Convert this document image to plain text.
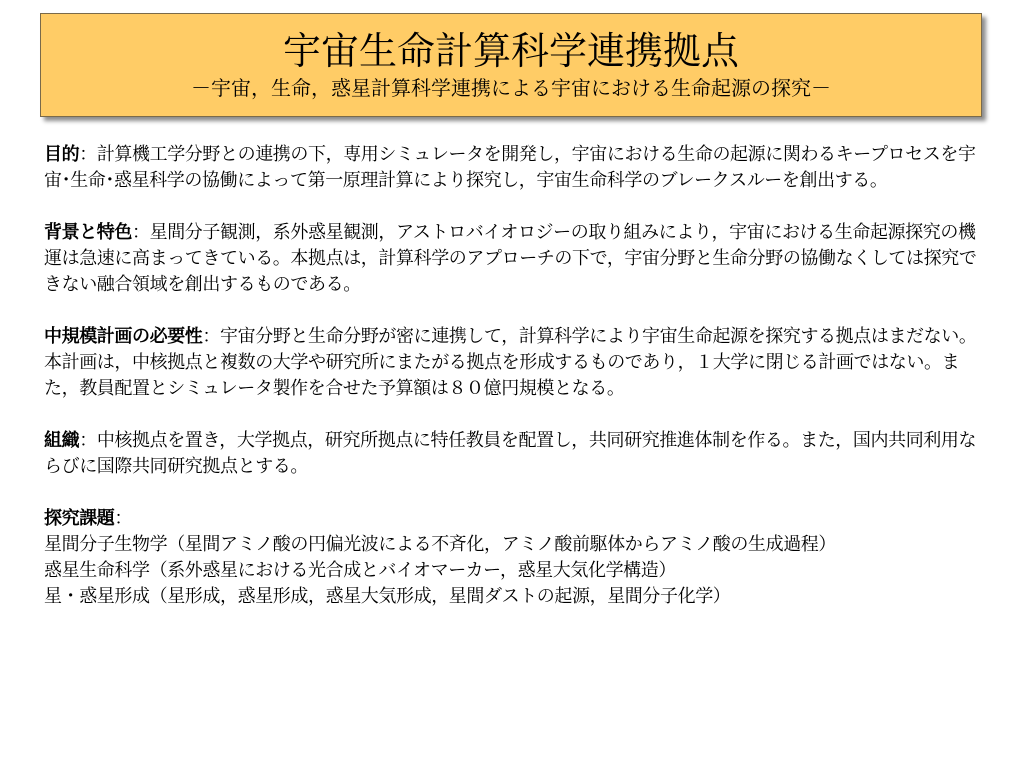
宇宙生命計算科学連携拠点
－宇宙，生命，惑星計算科学連携による宇宙における生命起源の探究－

目的：計算機工学分野との連携の下，専用シミュレータを開発し，宇宙における生命の起源に関わるキープロセスを宇宙･生命･惑星科学の協働によって第一原理計算により探究し，宇宙生命科学のブレークスルーを創出する。

背景と特色：星間分子観測，系外惑星観測，アストロバイオロジーの取り組みにより，宇宙における生命起源探究の機運は急速に高まってきている。本拠点は，計算科学のアプローチの下で，宇宙分野と生命分野の協働なくしては探究できない融合領域を創出するものである。

中規模計画の必要性：宇宙分野と生命分野が密に連携して，計算科学により宇宙生命起源を探究する拠点はまだない。本計画は，中核拠点と複数の大学や研究所にまたがる拠点を形成するものであり，１大学に閉じる計画ではない。また，教員配置とシミュレータ製作を合せた予算額は８０億円規模となる。

組織：中核拠点を置き，大学拠点，研究所拠点に特任教員を配置し，共同研究推進体制を作る。また，国内共同利用ならびに国際共同研究拠点とする。

探究課題：
星間分子生物学（星間アミノ酸の円偏光波による不斉化，アミノ酸前駆体からアミノ酸の生成過程）
惑星生命科学（系外惑星における光合成とバイオマーカー，惑星大気化学構造）
星・惑星形成（星形成，惑星形成，惑星大気形成，星間ダストの起源，星間分子化学）
